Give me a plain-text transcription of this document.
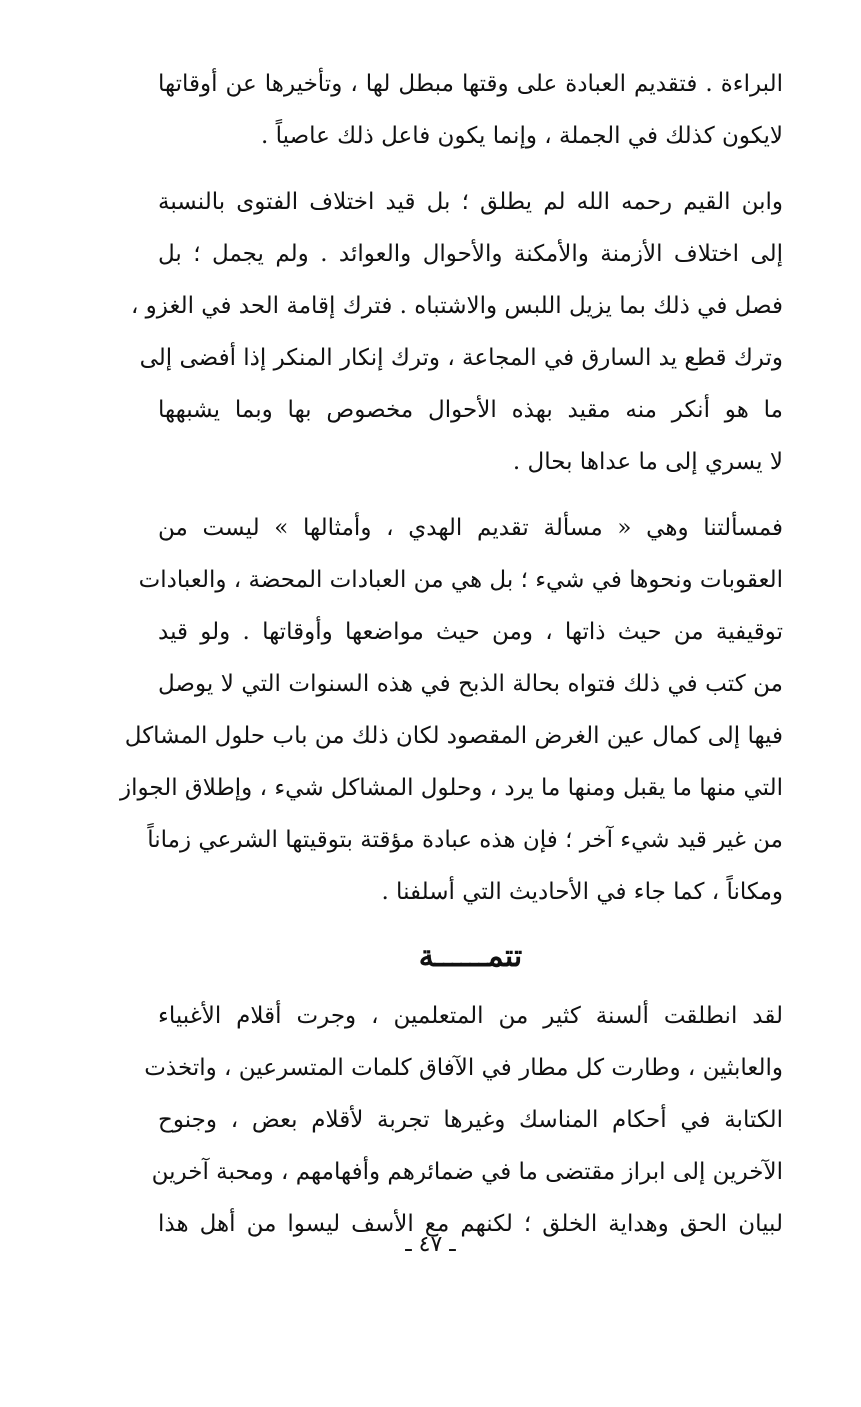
البراءة . فتقديم العبادة على وقتها مبطل لها ، وتأخيرها عن أوقاتها
لايكون كذلك في الجملة ، وإنما يكون فاعل ذلك عاصياً .
وابن القيم رحمه الله لم يطلق ؛ بل قيد اختلاف الفتوى بالنسبة
إلى اختلاف الأزمنة والأمكنة والأحوال والعوائد . ولم يجمل ؛ بل
فصل في ذلك بما يزيل اللبس والاشتباه . فترك إقامة الحد في الغزو ،
وترك قطع يد السارق في المجاعة ، وترك إنكار المنكر إذا أفضى إلى
ما هو أنكر منه مقيد بهذه الأحوال مخصوص بها وبما يشبهها
لا يسري إلى ما عداها بحال .
فمسألتنا وهي « مسألة تقديم الهدي ، وأمثالها » ليست من
العقوبات ونحوها في شيء ؛ بل هي من العبادات المحضة ، والعبادات
توقيفية من حيث ذاتها ، ومن حيث مواضعها وأوقاتها . ولو قيد
من كتب في ذلك فتواه بحالة الذبح في هذه السنوات التي لا يوصل
فيها إلى كمال عين الغرض المقصود لكان ذلك من باب حلول المشاكل
التي منها ما يقبل ومنها ما يرد ، وحلول المشاكل شيء ، وإطلاق الجواز
من غير قيد شيء آخر ؛ فإن هذه عبادة مؤقتة بتوقيتها الشرعي زماناً
ومكاناً ، كما جاء في الأحاديث التي أسلفنا .
تتمــــــة
لقد انطلقت ألسنة كثير من المتعلمين ، وجرت أقلام الأغبياء
والعابثين ، وطارت كل مطار في الآفاق كلمات المتسرعين ، واتخذت
الكتابة في أحكام المناسك وغيرها تجربة لأقلام بعض ، وجنوح
الآخرين إلى ابراز مقتضى ما في ضمائرهم وأفهامهم ، ومحبة آخرين
لبيان الحق وهداية الخلق ؛ لكنهم مع الأسف ليسوا من أهل هذا
ـ ٤٧ ـ
